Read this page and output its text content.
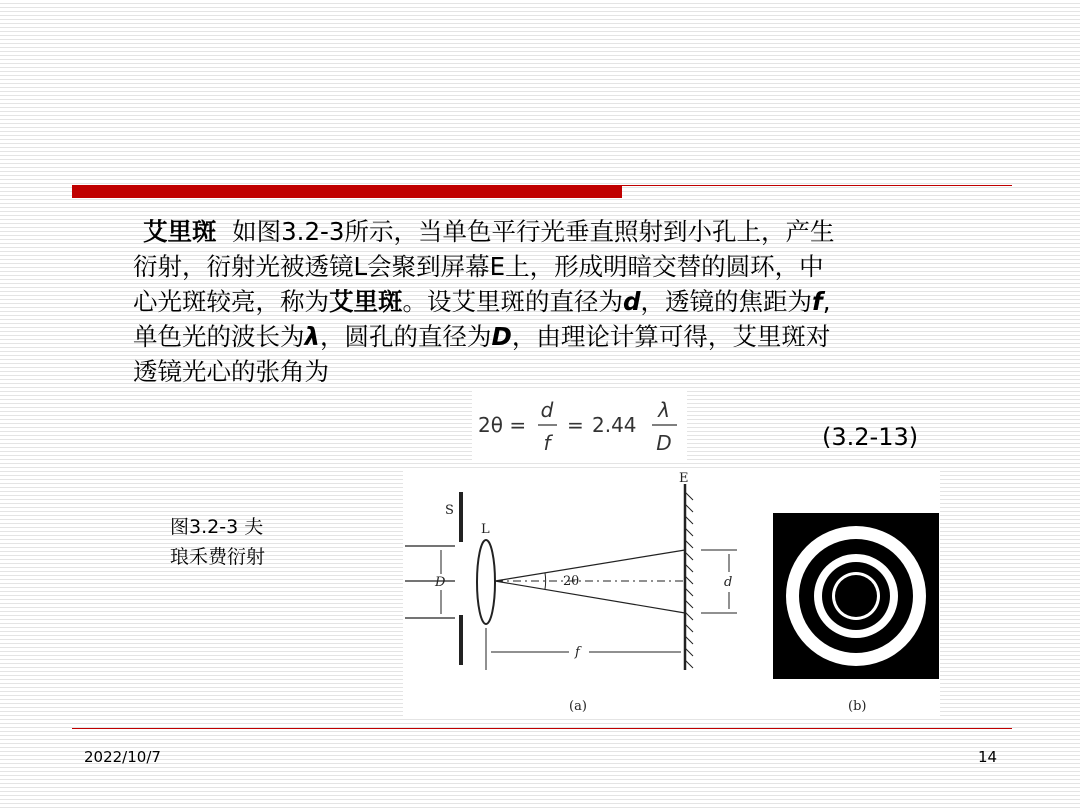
艾里斑 如图3.2-3所示，当单色平行光垂直照射到小孔上，产生
衍射，衍射光被透镜L会聚到屏幕E上，形成明暗交替的圆环，中
心光斑较亮，称为艾里斑。设艾里斑的直径为d，透镜的焦距为f,
单色光的波长为λ，圆孔的直径为D，由理论计算可得，艾里斑对
透镜光心的张角为
2θ =
d
f
= 2.44
λ
D	(3.2-13)
图3.2-3 夫
琅禾费衍射
S
L
E
D	2θ	d
f
(a)	(b)
2022/10/7	14
